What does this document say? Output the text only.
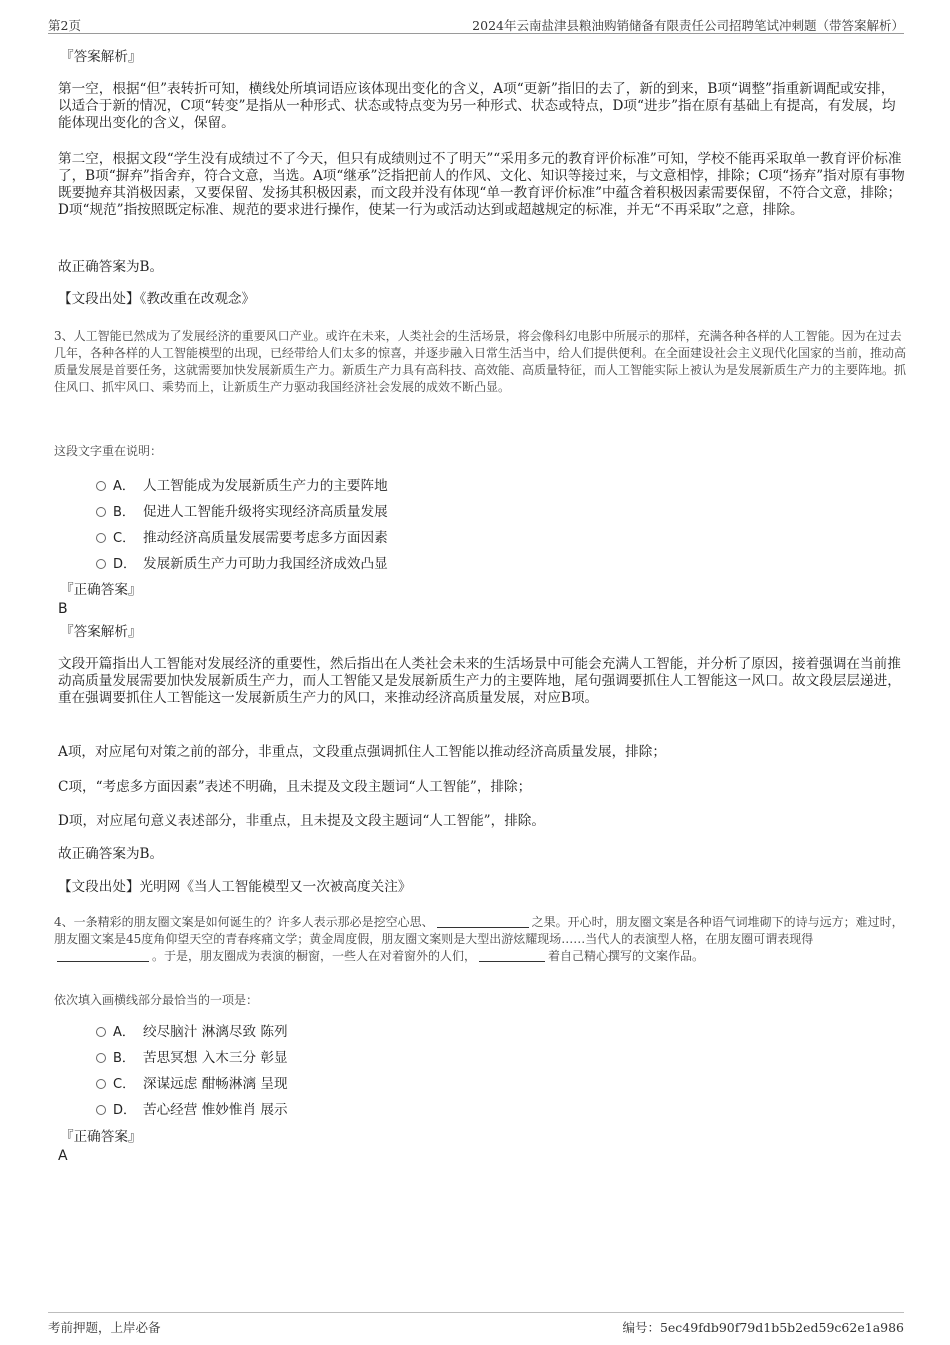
第2页	2024年云南盐津县粮油购销储备有限责任公司招聘笔试冲刺题（带答案解析）
『答案解析』
第一空，根据“但”表转折可知，横线处所填词语应该体现出变化的含义，A项“更新”指旧的去了，新的到来，B项“调整”指重新调配或安排，以适合于新的情况，C项“转变”是指从一种形式、状态或特点变为另一种形式、状态或特点，D项“进步”指在原有基础上有提高，有发展，均能体现出变化的含义，保留。
第二空，根据文段“学生没有成绩过不了今天，但只有成绩则过不了明天”“采用多元的教育评价标准”可知，学校不能再采取单一教育评价标准了，B项“摒弃”指舍弃，符合文意，当选。A项“继承”泛指把前人的作风、文化、知识等接过来，与文意相悖，排除；C项“扬弃”指对原有事物既要抛弃其消极因素，又要保留、发扬其积极因素，而文段并没有体现“单一教育评价标准”中蕴含着积极因素需要保留，不符合文意，排除；D项“规范”指按照既定标准、规范的要求进行操作，使某一行为或活动达到或超越规定的标准，并无“不再采取”之意，排除。
故正确答案为B。
【文段出处】《教改重在改观念》
3、人工智能已然成为了发展经济的重要风口产业。或许在未来，人类社会的生活场景，将会像科幻电影中所展示的那样，充满各种各样的人工智能。因为在过去几年，各种各样的人工智能模型的出现，已经带给人们太多的惊喜，并逐步融入日常生活当中，给人们提供便利。在全面建设社会主义现代化国家的当前，推动高质量发展是首要任务，这就需要加快发展新质生产力。新质生产力具有高科技、高效能、高质量特征，而人工智能实际上被认为是发展新质生产力的主要阵地。抓住风口、抓牢风口、乘势而上，让新质生产力驱动我国经济社会发展的成效不断凸显。
这段文字重在说明：
A． 人工智能成为发展新质生产力的主要阵地
B． 促进人工智能升级将实现经济高质量发展
C． 推动经济高质量发展需要考虑多方面因素
D． 发展新质生产力可助力我国经济成效凸显
『正确答案』
B
『答案解析』
文段开篇指出人工智能对发展经济的重要性，然后指出在人类社会未来的生活场景中可能会充满人工智能，并分析了原因，接着强调在当前推动高质量发展需要加快发展新质生产力，而人工智能又是发展新质生产力的主要阵地，尾句强调要抓住人工智能这一风口。故文段层层递进，重在强调要抓住人工智能这一发展新质生产力的风口，来推动经济高质量发展，对应B项。
A项，对应尾句对策之前的部分，非重点，文段重点强调抓住人工智能以推动经济高质量发展，排除；
C项，“考虑多方面因素”表述不明确，且未提及文段主题词“人工智能”，排除；
D项，对应尾句意义表述部分，非重点，且未提及文段主题词“人工智能”，排除。
故正确答案为B。
【文段出处】光明网《当人工智能模型又一次被高度关注》
4、一条精彩的朋友圈文案是如何诞生的？许多人表示那必是挖空心思、	之果。开心时，朋友圈文案是各种语气词堆砌下的诗与远方；难过时，朋友圈文案是45度角仰望天空的青春疼痛文学；黄金周度假，朋友圈文案则是大型出游炫耀现场……当代人的表演型人格，在朋友圈可谓表现得。于是，朋友圈成为表演的橱窗，一些人在对着窗外的人们，	着自己精心撰写的文案作品。
依次填入画横线部分最恰当的一项是：
A． 绞尽脑汁 淋漓尽致 陈列
B． 苦思冥想 入木三分 彰显
C． 深谋远虑 酣畅淋漓 呈现
D． 苦心经营 惟妙惟肖 展示
『正确答案』
A
考前押题，上岸必备	编号：5ec49fdb90f79d1b5b2ed59c62e1a986
